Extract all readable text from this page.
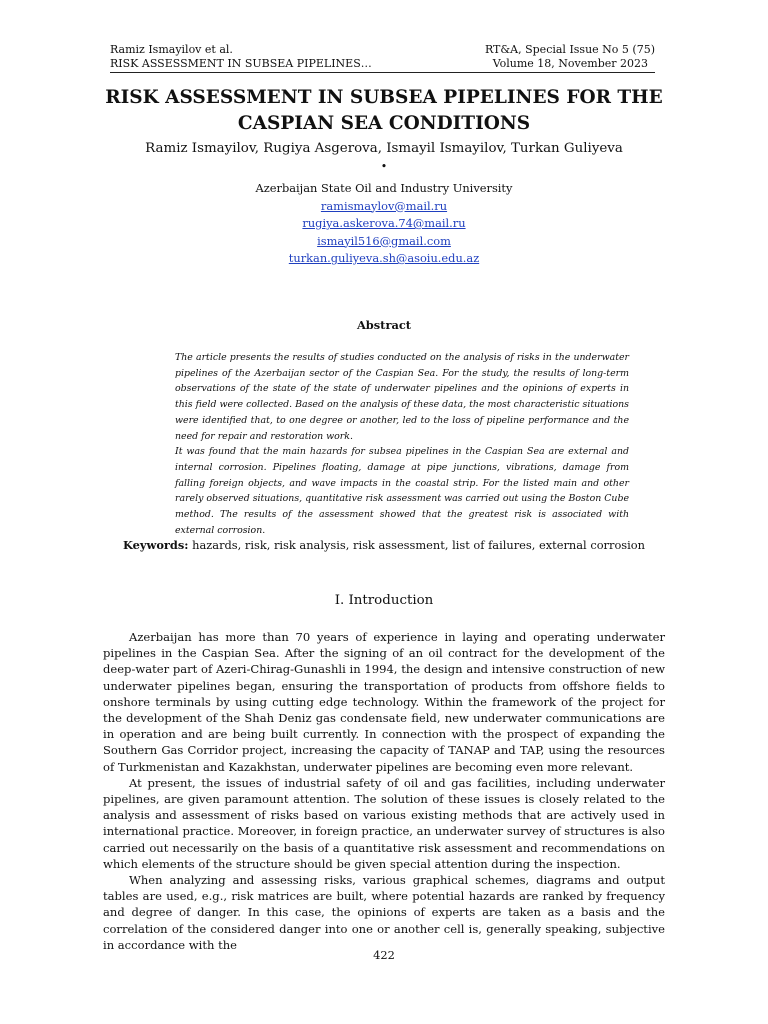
Ramiz Ismayilov et al.	RT&A, Special Issue No 5 (75)
RISK ASSESSMENT IN SUBSEA PIPELINES…	Volume 18, November 2023
RISK ASSESSMENT IN SUBSEA PIPELINES FOR THE CASPIAN SEA CONDITIONS
Ramiz Ismayilov, Rugiya Asgerova, Ismayil Ismayilov, Turkan Guliyeva
•
Azerbaijan State Oil and Industry University
ramismaylov@mail.ru
rugiya.askerova.74@mail.ru
ismayil516@gmail.com
turkan.guliyeva.sh@asoiu.edu.az
Abstract

The article presents the results of studies conducted on the analysis of risks in the underwater pipelines of the Azerbaijan sector of the Caspian Sea. For the study, the results of long-term observations of the state of the state of underwater pipelines and the opinions of experts in this field were collected. Based on the analysis of these data, the most characteristic situations were identified that, to one degree or another, led to the loss of pipeline performance and the need for repair and restoration work.

It was found that the main hazards for subsea pipelines in the Caspian Sea are external and internal corrosion. Pipelines floating, damage at pipe junctions, vibrations, damage from falling foreign objects, and wave impacts in the coastal strip. For the listed main and other rarely observed situations, quantitative risk assessment was carried out using the Boston Cube method. The results of the assessment showed that the greatest risk is associated with external corrosion.

Keywords: hazards, risk, risk analysis, risk assessment, list of failures, external corrosion
I. Introduction

Azerbaijan has more than 70 years of experience in laying and operating underwater pipelines in the Caspian Sea. After the signing of an oil contract for the development of the deep-water part of Azeri-Chirag-Gunashli in 1994, the design and intensive construction of new underwater pipelines began, ensuring the transportation of products from offshore fields to onshore terminals by using cutting edge technology. Within the framework of the project for the development of the Shah Deniz gas condensate field, new underwater communications are in operation and are being built currently. In connection with the prospect of expanding the Southern Gas Corridor project, increasing the capacity of TANAP and TAP, using the resources of Turkmenistan and Kazakhstan, underwater pipelines are becoming even more relevant.

At present, the issues of industrial safety of oil and gas facilities, including underwater pipelines, are given paramount attention. The solution of these issues is closely related to the analysis and assessment of risks based on various existing methods that are actively used in international practice. Moreover, in foreign practice, an underwater survey of structures is also carried out necessarily on the basis of a quantitative risk assessment and recommendations on which elements of the structure should be given special attention during the inspection.

When analyzing and assessing risks, various graphical schemes, diagrams and output tables are used, e.g., risk matrices are built, where potential hazards are ranked by frequency and degree of danger. In this case, the opinions of experts are taken as a basis and the correlation of the considered danger into one or another cell is, generally speaking, subjective in accordance with the

422
